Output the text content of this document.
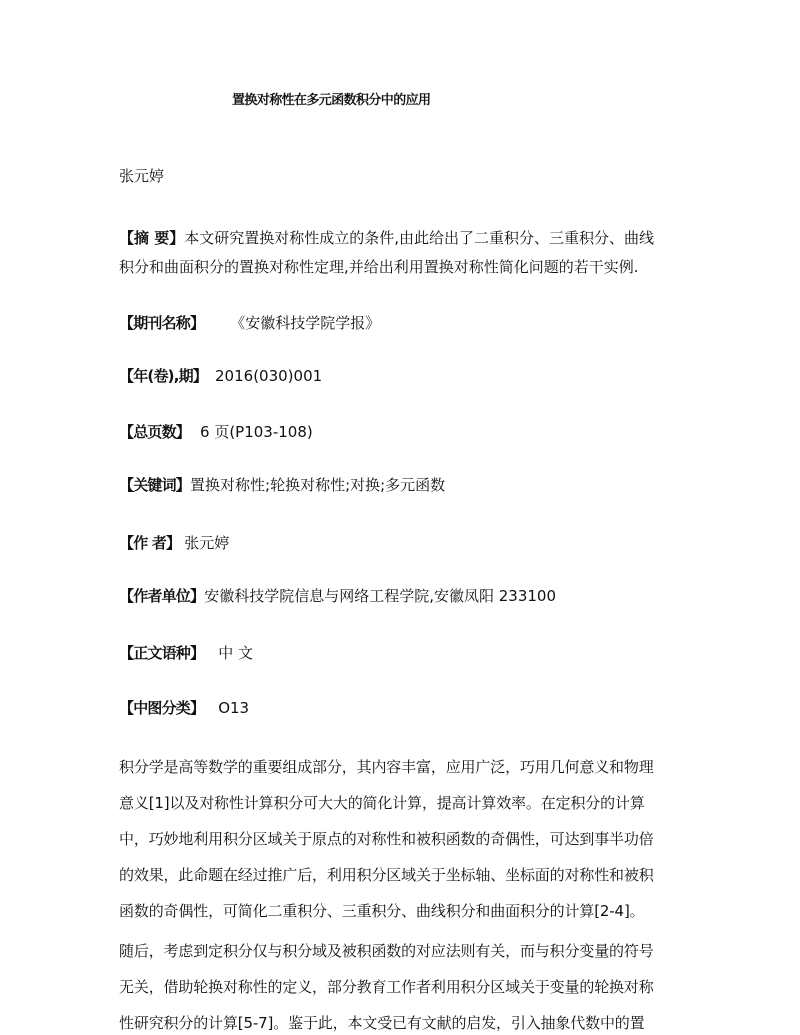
置换对称性在多元函数积分中的应用
张元婷
【摘 要】本文研究置换对称性成立的条件,由此给出了二重积分、三重积分、曲线
积分和曲面积分的置换对称性定理,并给出利用置换对称性简化问题的若干实例.
【期刊名称】 《安徽科技学院学报》
【年(卷),期】 2016(030)001
【总页数】 6 页(P103-108)
【关键词】置换对称性;轮换对称性;对换;多元函数
【作 者】 张元婷
【作者单位】安徽科技学院信息与网络工程学院,安徽凤阳 233100
【正文语种】 中 文
【中图分类】 O13
积分学是高等数学的重要组成部分，其内容丰富，应用广泛，巧用几何意义和物理
意义[1]以及对称性计算积分可大大的简化计算，提高计算效率。在定积分的计算
中，巧妙地利用积分区域关于原点的对称性和被积函数的奇偶性，可达到事半功倍
的效果，此命题在经过推广后，利用积分区域关于坐标轴、坐标面的对称性和被积
函数的奇偶性，可简化二重积分、三重积分、曲线积分和曲面积分的计算[2-4]。
随后，考虑到定积分仅与积分域及被积函数的对应法则有关，而与积分变量的符号
无关，借助轮换对称性的定义，部分教育工作者利用积分区域关于变量的轮换对称
性研究积分的计算[5-7]。鉴于此，本文受已有文献的启发，引入抽象代数中的置
